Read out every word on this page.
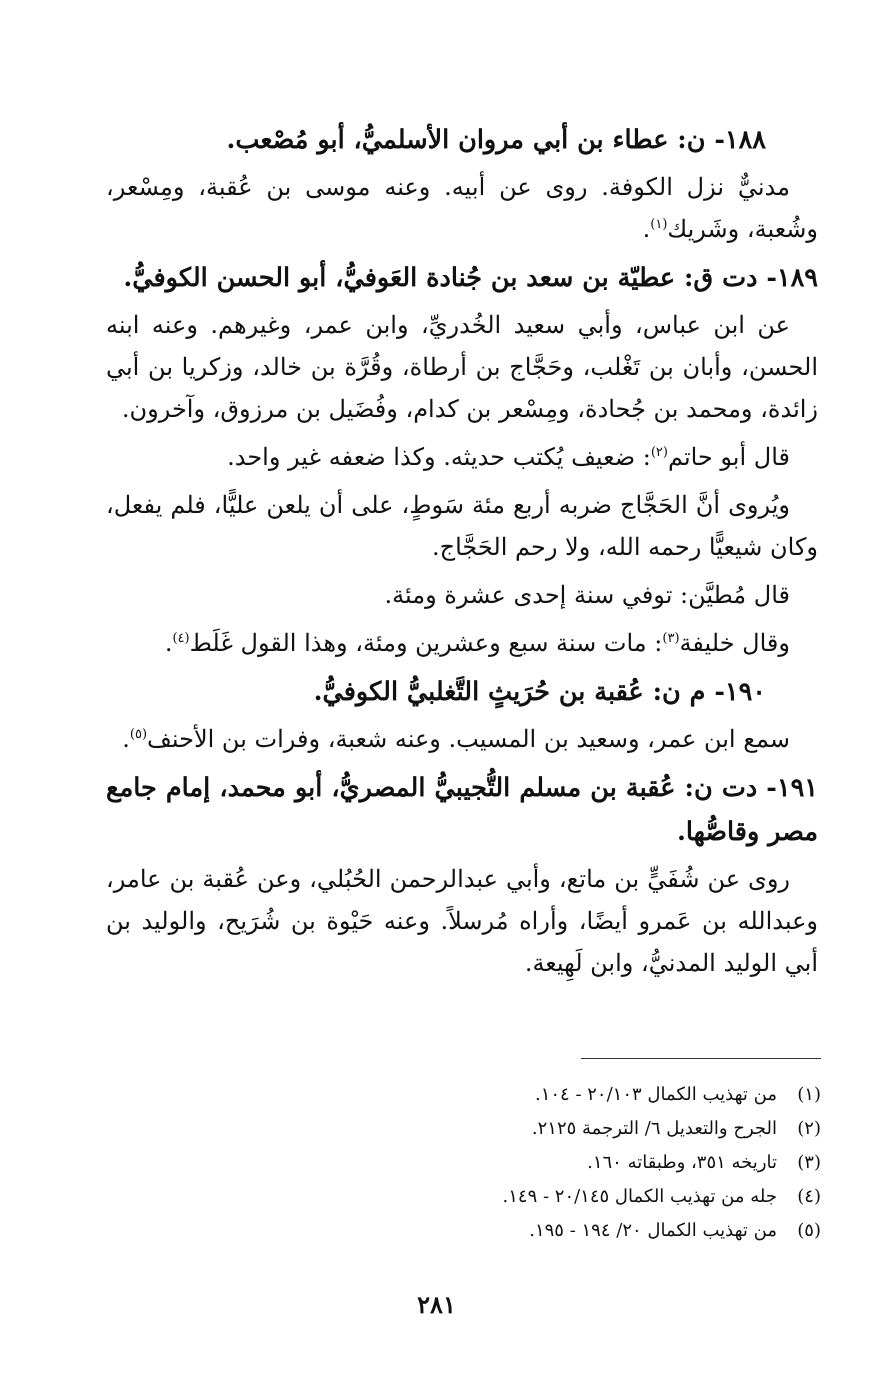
١٨٨- ن: عطاء بن أبي مروان الأسلميُّ، أبو مُصْعب.
مدنيٌّ نزل الكوفة. روى عن أبيه. وعنه موسى بن عُقبة، ومِسْعر، وشُعبة، وشَريك$^{(١)}$.
١٨٩- دت ق: عطيّة بن سعد بن جُنادة العَوفيُّ، أبو الحسن الكوفيُّ.
عن ابن عباس، وأبي سعيد الخُدريِّ، وابن عمر، وغيرهم. وعنه ابنه الحسن، وأبان بن تَغْلب، وحَجَّاج بن أرطاة، وقُرَّة بن خالد، وزكريا بن أبي زائدة، ومحمد بن جُحادة، ومِسْعر بن كدام، وفُضَيل بن مرزوق، وآخرون.
قال أبو حاتم$^{(٢)}$: ضعيف يُكتب حديثه. وكذا ضعفه غير واحد.
ويُروى أنَّ الحَجَّاج ضربه أربع مئة سَوطٍ، على أن يلعن عليًّا، فلم يفعل، وكان شيعيًّا رحمه الله، ولا رحم الحَجَّاج.
قال مُطيَّن: توفي سنة إحدى عشرة ومئة.
وقال خليفة$^{(٣)}$: مات سنة سبع وعشرين ومئة، وهذا القول غَلَط$^{(٤)}$.
١٩٠- م ن: عُقبة بن حُرَيثٍ التَّغلبيُّ الكوفيُّ.
سمع ابن عمر، وسعيد بن المسيب. وعنه شعبة، وفرات بن الأحنف$^{(٥)}$.
١٩١- دت ن: عُقبة بن مسلم التُّجيبيُّ المصريُّ، أبو محمد، إمام جامع مصر وقاصُّها.
روى عن شُفَيٍّ بن ماتع، وأبي عبدالرحمن الحُبُلي، وعن عُقبة بن عامر، وعبدالله بن عَمرو أيضًا، وأراه مُرسلاً. وعنه حَيْوة بن شُرَيح، والوليد بن أبي الوليد المدنيُّ، وابن لَهِيعة.
(١)
من تهذيب الكمال ٢٠/١٠٣ - ١٠٤.
(٢)
الجرح والتعديل ٦/ الترجمة ٢١٢٥.
(٣)
تاريخه ٣٥١، وطبقاته ١٦٠.
(٤)
جله من تهذيب الكمال ٢٠/١٤٥ - ١٤٩.
(٥)
من تهذيب الكمال ٢٠/ ١٩٤ - ١٩٥.
٢٨١
